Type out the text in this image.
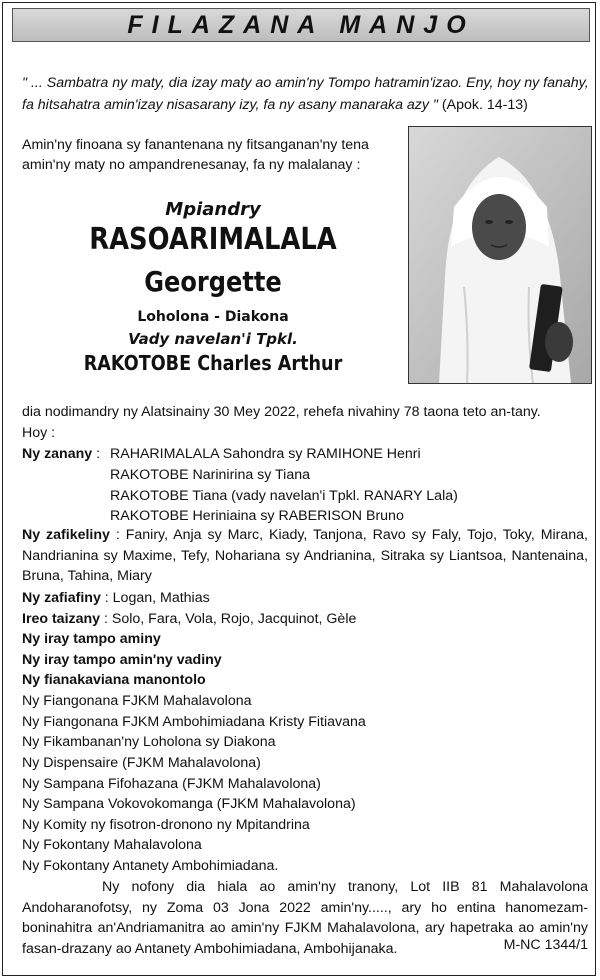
FILAZANA MANJO
" ... Sambatra ny maty, dia izay maty ao amin'ny Tompo hatramin'izao. Eny, hoy ny fanahy,
fa hitsahatra amin'izay nisasarany izy, fa ny asany manaraka azy " (Apok. 14-13)
Amin'ny finoana sy fanantenana ny fitsanganan'ny tena
amin'ny maty no ampandrenesanay, fa ny malalanay :
Mpiandry
RASOARIMALALA
Georgette
Loholona - Diakona
Vady navelan'i Tpkl.
RAKOTOBE Charles Arthur
dia nodimandry ny Alatsinainy 30 Mey 2022, rehefa nivahiny 78 taona teto an-tany.
Hoy :
Ny zanany : RAHARIMALALA Sahondra sy RAMIHONE Henri
RAKOTOBE Narinirina sy Tiana
RAKOTOBE Tiana (vady navelan'i Tpkl. RANARY Lala)
RAKOTOBE Heriniaina sy RABERISON Bruno
Ny zafikeliny : Faniry, Anja sy Marc, Kiady, Tanjona, Ravo sy Faly, Tojo, Toky, Mirana, Nandrianina sy Maxime, Tefy, Nohariana sy Andrianina, Sitraka sy Liantsoa, Nantenaina, Bruna, Tahina, Miary
Ny zafiafiny : Logan, Mathias
Ireo taizany : Solo, Fara, Vola, Rojo, Jacquinot, Gèle
Ny iray tampo aminy
Ny iray tampo amin'ny vadiny
Ny fianakaviana manontolo
Ny Fiangonana FJKM Mahalavolona
Ny Fiangonana FJKM Ambohimiadana Kristy Fitiavana
Ny Fikambanan'ny Loholona sy Diakona
Ny Dispensaire (FJKM Mahalavolona)
Ny Sampana Fifohazana (FJKM Mahalavolona)
Ny Sampana Vokovokomanga (FJKM Mahalavolona)
Ny Komity ny fisotron-dronono ny Mpitandrina
Ny Fokontany Mahalavolona
Ny Fokontany Antanety Ambohimiadana.
Ny nofony dia hiala ao amin'ny tranony, Lot IIB 81 Mahalavolona Andoharanofotsy, ny Zoma 03 Jona 2022 amin'ny....., ary ho entina hanomezam-boninahitra an'Andriamanitra ao amin'ny FJKM Mahalavolona, ary hapetraka ao amin'ny fasan-drazany ao Antanety Ambohimiadana, Ambohijanaka.	M-NC 1344/1
